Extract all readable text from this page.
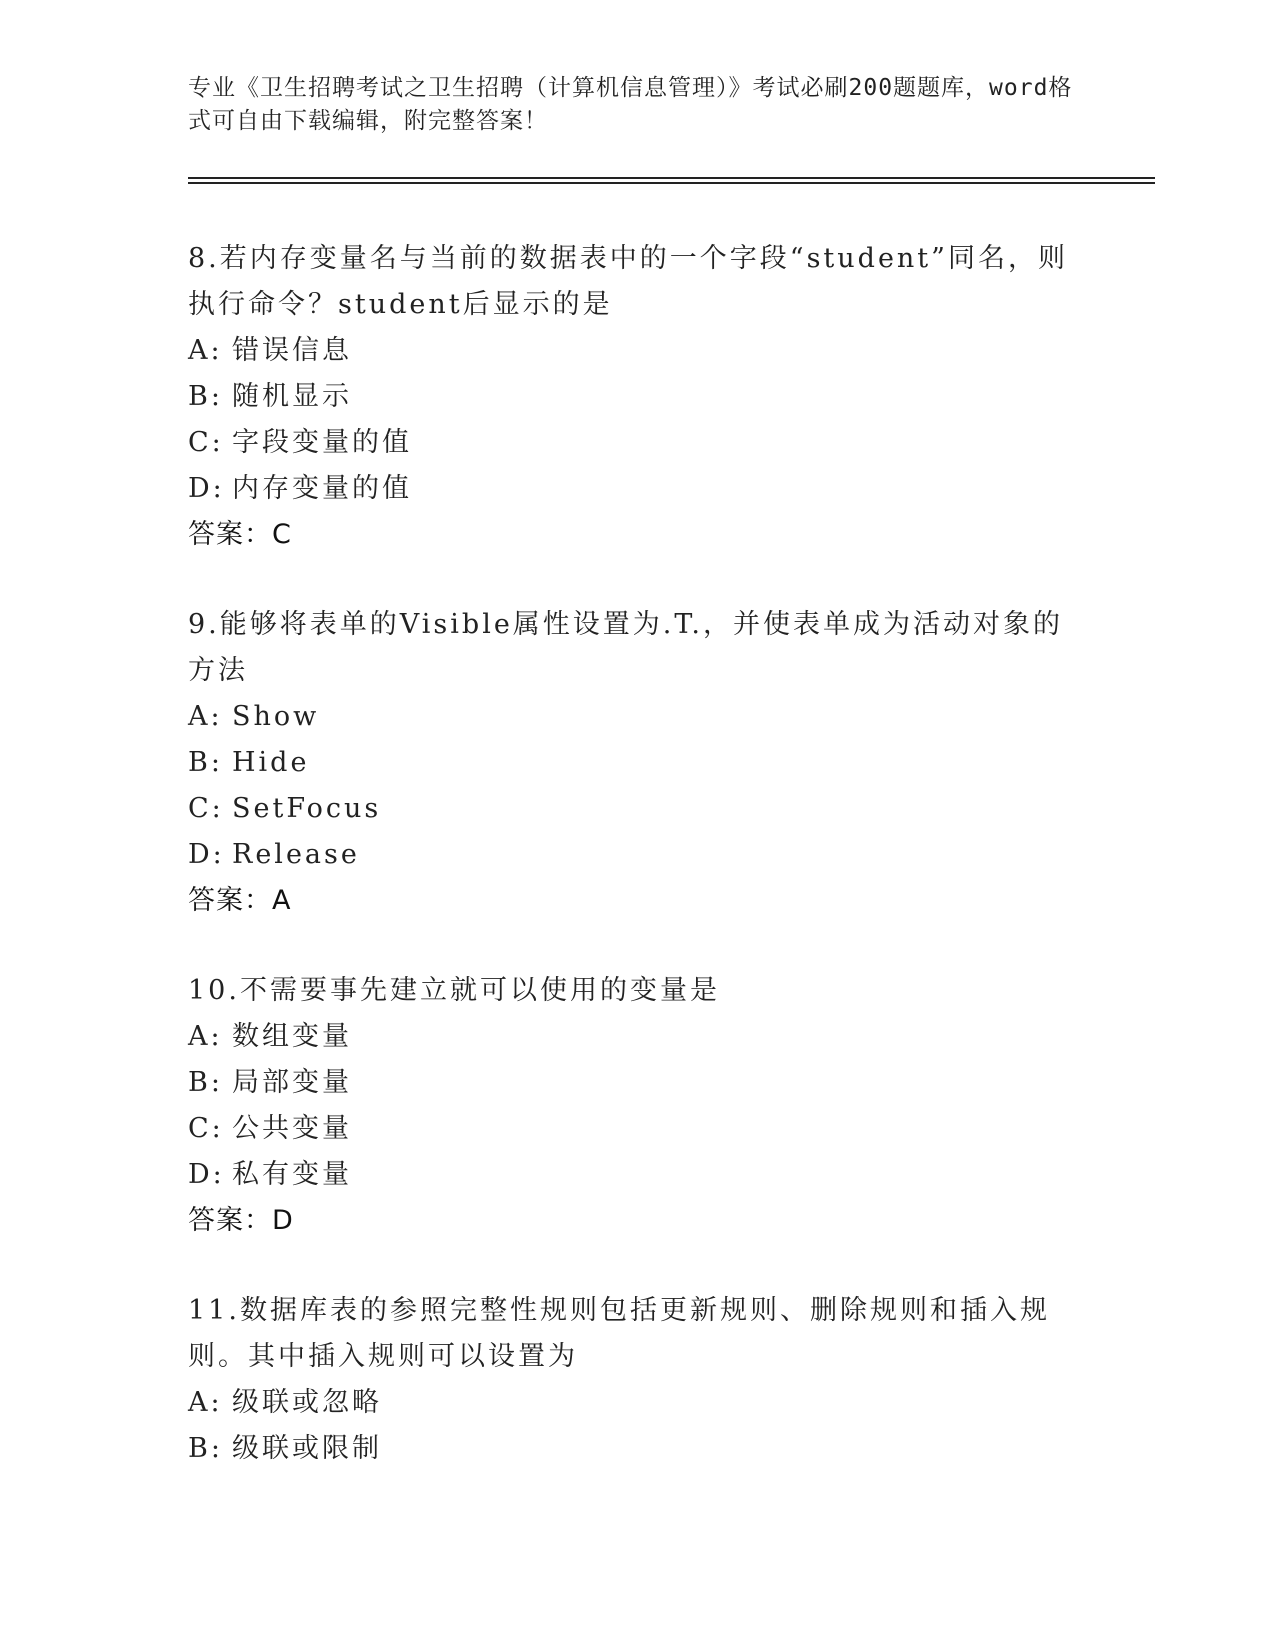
专业《卫生招聘考试之卫生招聘（计算机信息管理）》考试必刷200题题库，word格式可自由下载编辑，附完整答案！
8.若内存变量名与当前的数据表中的一个字段“student”同名，则执行命令？student后显示的是
A: 错误信息
B: 随机显示
C: 字段变量的值
D: 内存变量的值
答案：C
9.能够将表单的Visible属性设置为.T.，并使表单成为活动对象的方法
A: Show
B: Hide
C: SetFocus
D: Release
答案：A
10.不需要事先建立就可以使用的变量是
A: 数组变量
B: 局部变量
C: 公共变量
D: 私有变量
答案：D
11.数据库表的参照完整性规则包括更新规则、删除规则和插入规则。其中插入规则可以设置为
A: 级联或忽略
B: 级联或限制
